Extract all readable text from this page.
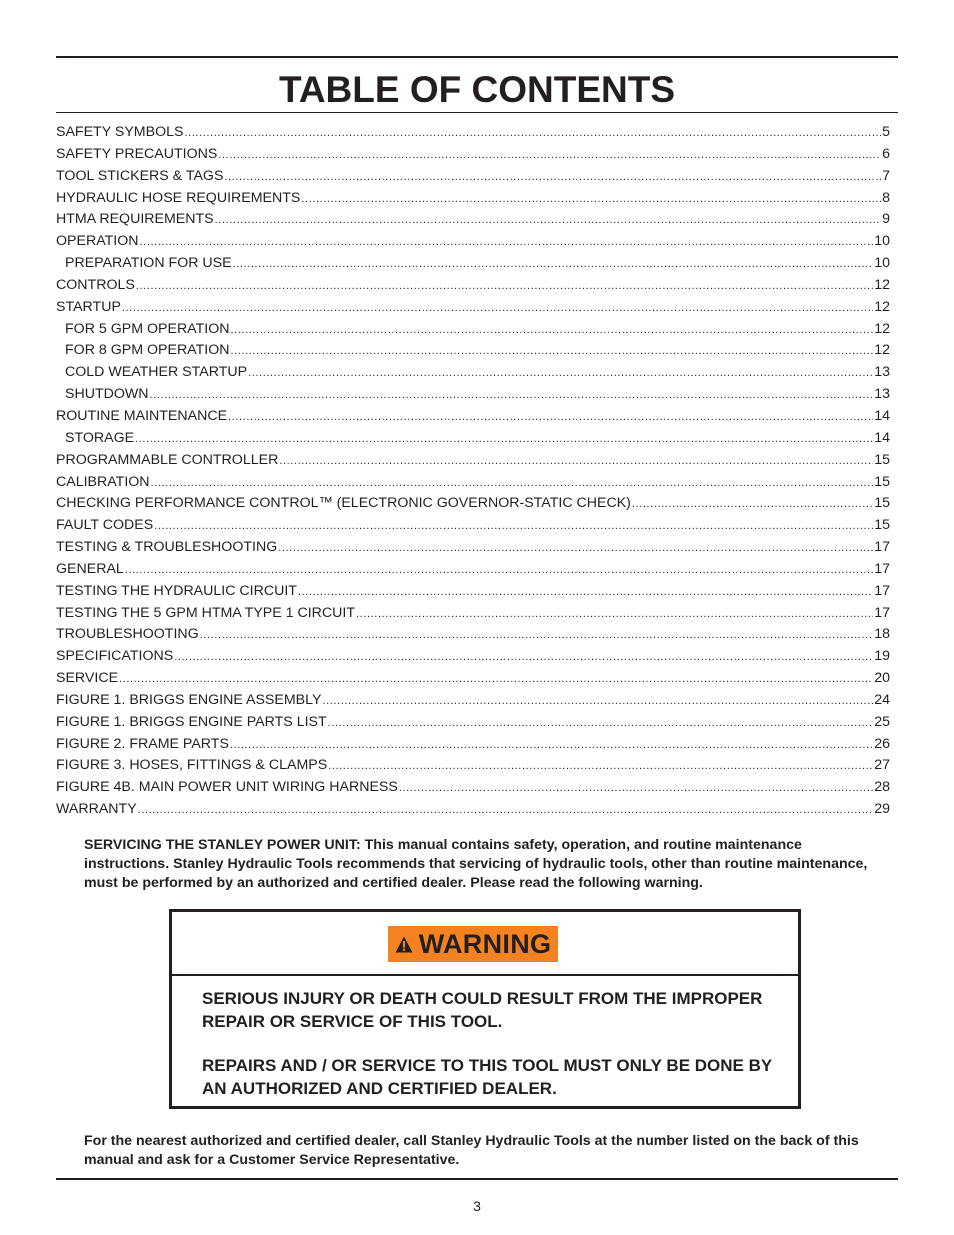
TABLE OF CONTENTS
SAFETY SYMBOLS .....	5
SAFETY PRECAUTIONS .....	6
TOOL STICKERS & TAGS .....	7
HYDRAULIC HOSE REQUIREMENTS .....	8
HTMA REQUIREMENTS .....	9
OPERATION .....	10
PREPARATION FOR USE .....	10
CONTROLS .....	12
STARTUP .....	12
FOR 5 GPM OPERATION .....	12
FOR 8 GPM OPERATION .....	12
COLD WEATHER STARTUP .....	13
SHUTDOWN .....	13
ROUTINE MAINTENANCE .....	14
STORAGE .....	14
PROGRAMMABLE CONTROLLER .....	15
CALIBRATION .....	15
CHECKING PERFORMANCE CONTROL™ (ELECTRONIC GOVERNOR-STATIC CHECK) .....	15
FAULT CODES .....	15
TESTING & TROUBLESHOOTING .....	17
GENERAL .....	17
TESTING THE HYDRAULIC CIRCUIT .....	17
TESTING THE 5 GPM HTMA TYPE 1 CIRCUIT .....	17
TROUBLESHOOTING .....	18
SPECIFICATIONS .....	19
SERVICE .....	20
FIGURE 1. BRIGGS ENGINE ASSEMBLY .....	24
FIGURE 1. BRIGGS ENGINE PARTS LIST .....	25
FIGURE 2. FRAME PARTS .....	26
FIGURE 3. HOSES, FITTINGS & CLAMPS .....	27
FIGURE 4B. MAIN POWER UNIT WIRING HARNESS .....	28
WARRANTY .....	29

SERVICING THE STANLEY POWER UNIT: This manual contains safety, operation, and routine maintenance instructions. Stanley Hydraulic Tools recommends that servicing of hydraulic tools, other than routine maintenance, must be performed by an authorized and certified dealer. Please read the following warning.

WARNING

SERIOUS INJURY OR DEATH COULD RESULT FROM THE IMPROPER REPAIR OR SERVICE OF THIS TOOL.

REPAIRS AND / OR SERVICE TO THIS TOOL MUST ONLY BE DONE BY AN AUTHORIZED AND CERTIFIED DEALER.

For the nearest authorized and certified dealer, call Stanley Hydraulic Tools at the number listed on the back of this manual and ask for a Customer Service Representative.

3
